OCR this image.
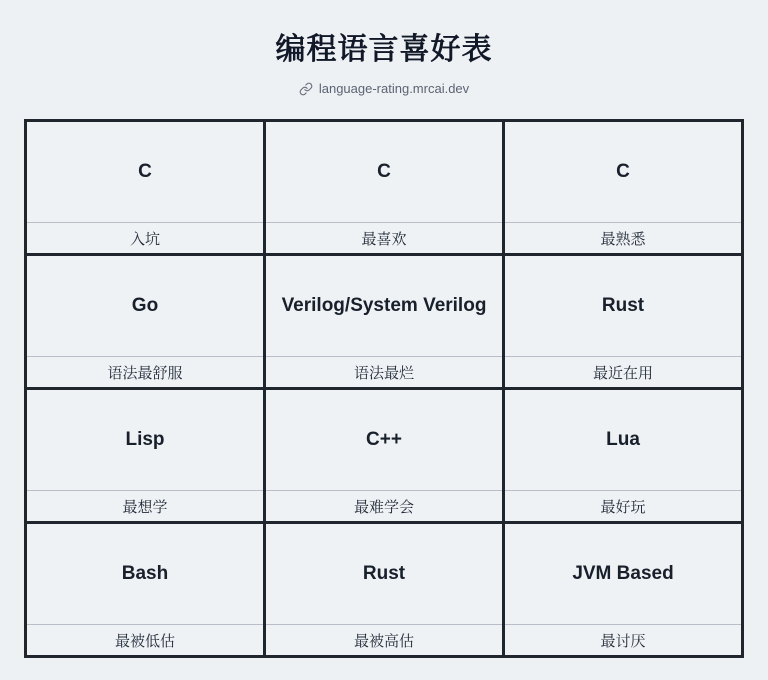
编程语言喜好表
language-rating.mrcai.dev
C
入坑
C
最喜欢
C
最熟悉
Go
语法最舒服
Verilog/System Verilog
语法最烂
Rust
最近在用
Lisp
最想学
C++
最难学会
Lua
最好玩
Bash
最被低估
Rust
最被高估
JVM Based
最讨厌
